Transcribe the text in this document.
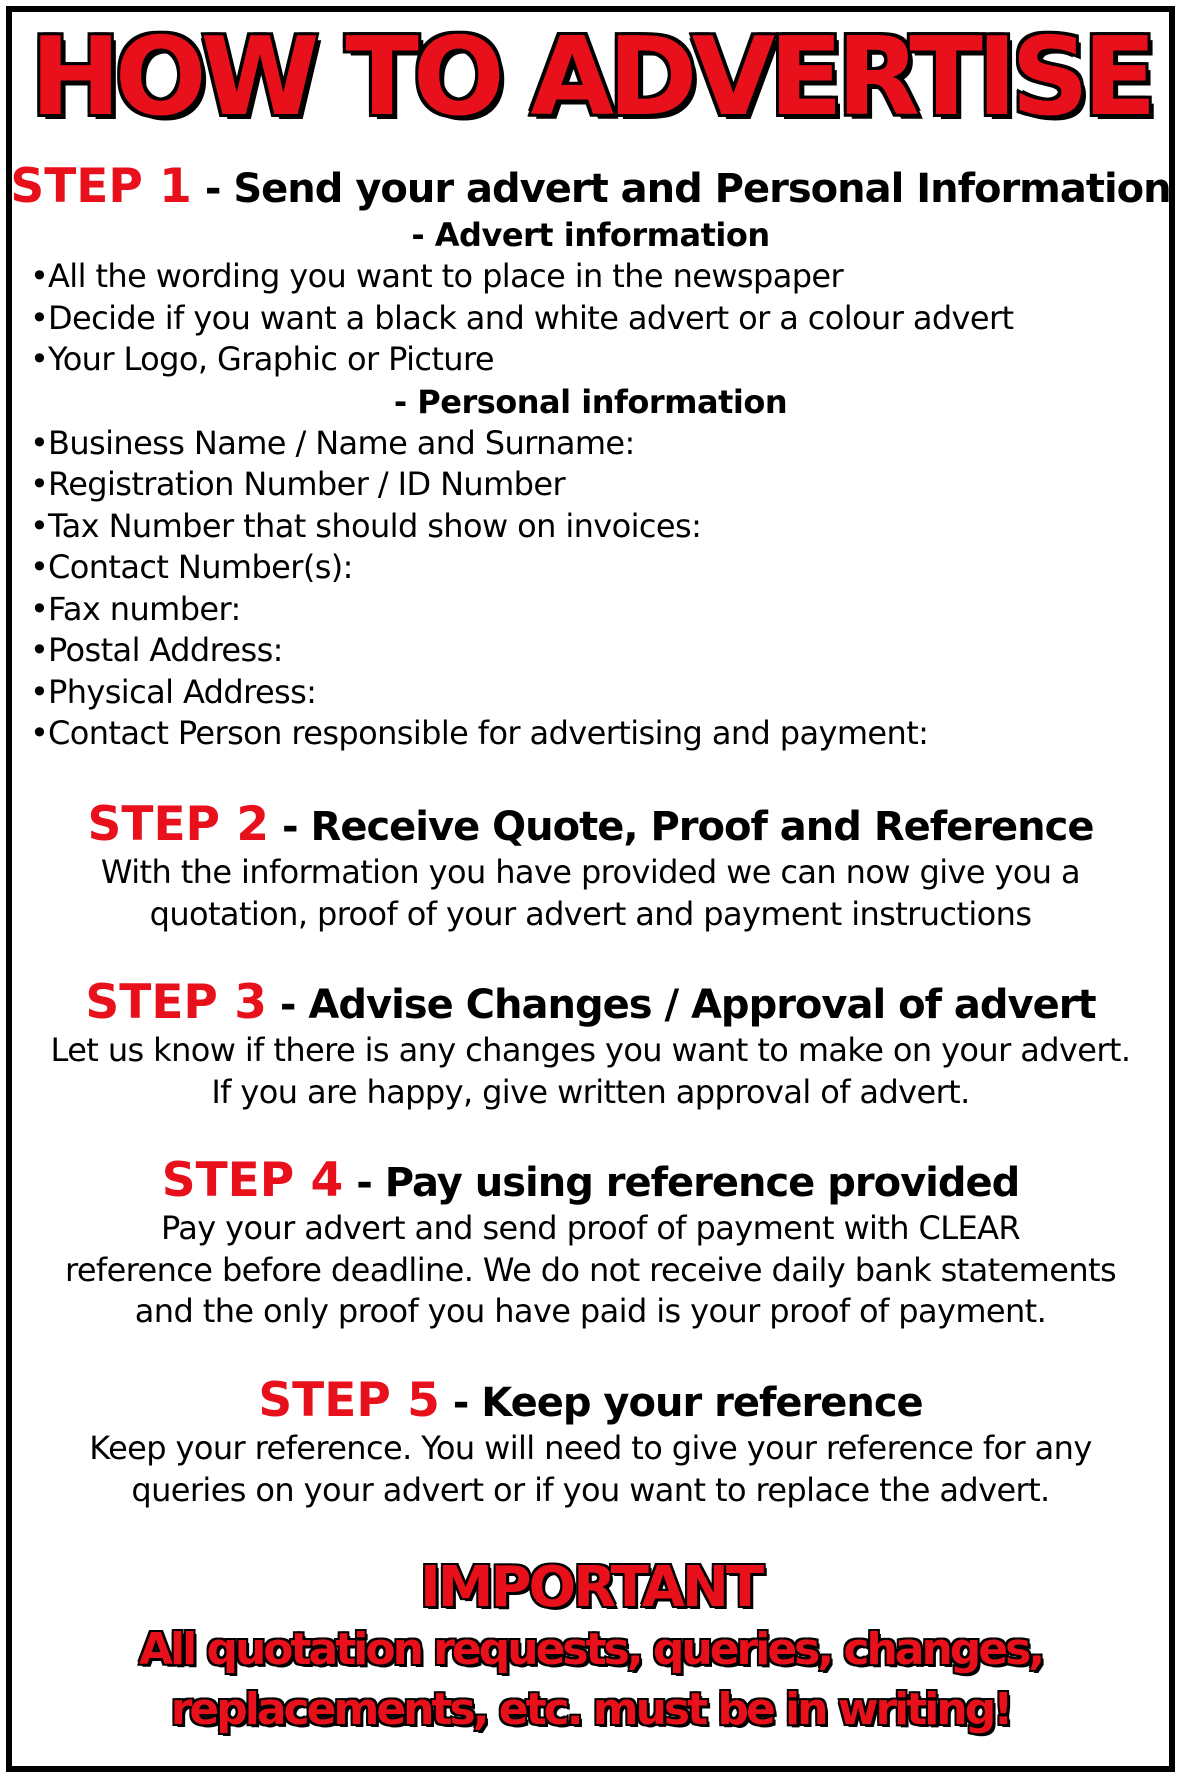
HOW TO ADVERTISE
STEP 1 - Send your advert and Personal Information
- Advert information
• All the wording you want to place in the newspaper
• Decide if you want a black and white advert or a colour advert
• Your Logo, Graphic or Picture
- Personal information
• Business Name / Name and Surname:
• Registration Number / ID Number
• Tax Number that should show on invoices:
• Contact Number(s):
• Fax number:
• Postal Address:
• Physical Address:
• Contact Person responsible for advertising and payment:
STEP 2 - Receive Quote, Proof and Reference
With the information you have provided we can now give you a
quotation, proof of your advert and payment instructions
STEP 3 - Advise Changes / Approval of advert
Let us know if there is any changes you want to make on your advert.
If you are happy, give written approval of advert.
STEP 4 - Pay using reference provided
Pay your advert and send proof of payment with CLEAR
reference before deadline. We do not receive daily bank statements
and the only proof you have paid is your proof of payment.
STEP 5 - Keep your reference
Keep your reference. You will need to give your reference for any
queries on your advert or if you want to replace the advert.
IMPORTANT
All quotation requests, queries, changes,
replacements, etc. must be in writing!
